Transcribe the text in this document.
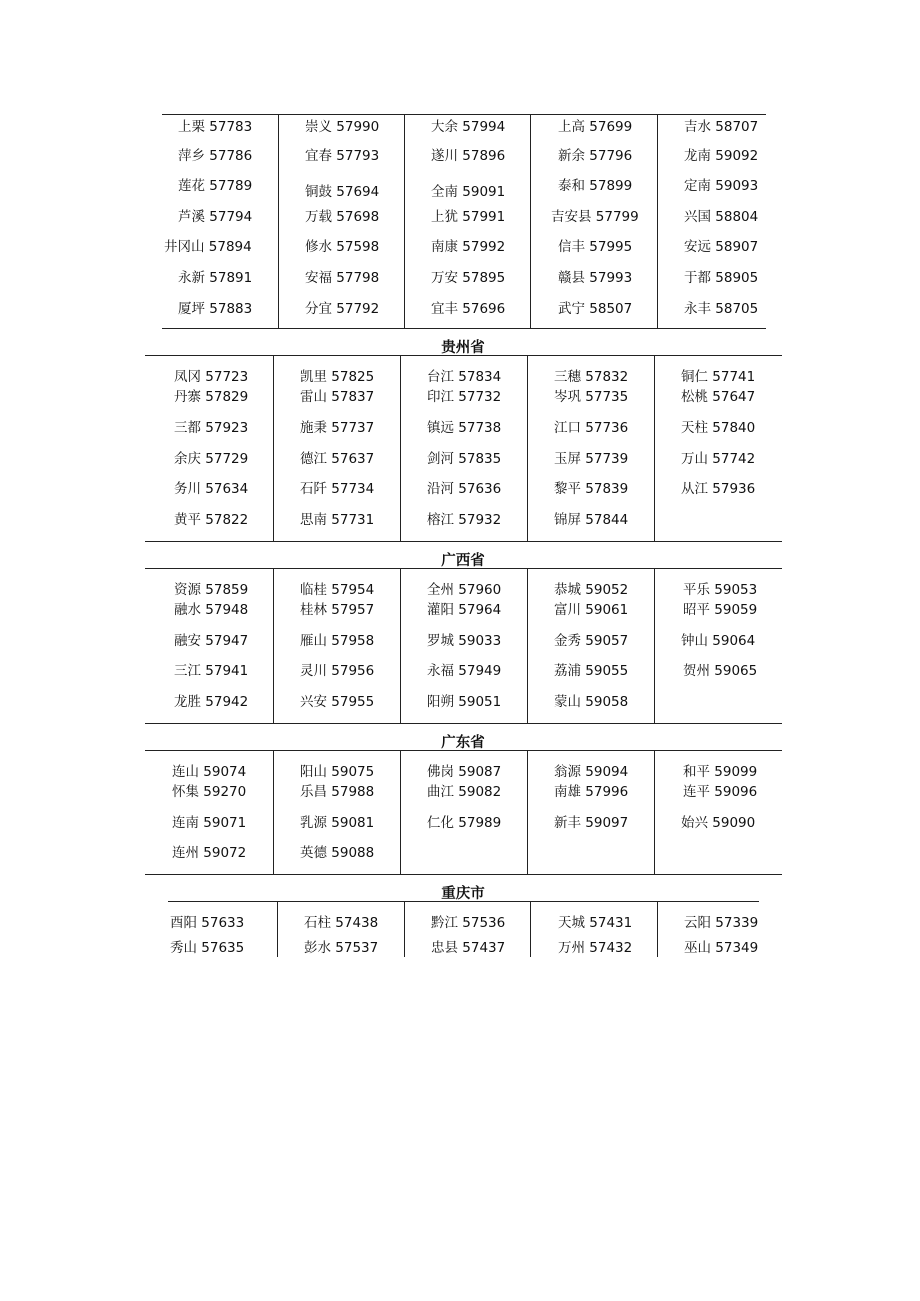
上栗 57783
萍乡 57786
莲花 57789
芦溪 57794
井冈山 57894
永新 57891
厦坪 57883
崇义 57990
宜春 57793
铜鼓 57694
万载 57698
修水 57598
安福 57798
分宜 57792
大余 57994
遂川 57896
全南 59091
上犹 57991
南康 57992
万安 57895
宜丰 57696
上高 57699
新余 57796
泰和 57899
吉安县 57799
信丰 57995
赣县 57993
武宁 58507
吉水 58707
龙南 59092
定南 59093
兴国 58804
安远 58907
于都 58905
永丰 58705
贵州省
凤冈 57723
丹寨 57829
三都 57923
余庆 57729
务川 57634
黄平 57822
凯里 57825
雷山 57837
施秉 57737
德江 57637
石阡 57734
思南 57731
台江 57834
印江 57732
镇远 57738
剑河 57835
沿河 57636
榕江 57932
三穗 57832
岑巩 57735
江口 57736
玉屏 57739
黎平 57839
锦屏 57844
铜仁 57741
松桃 57647
天柱 57840
万山 57742
从江 57936
广西省
资源 57859
融水 57948
融安 57947
三江 57941
龙胜 57942
临桂 57954
桂林 57957
雁山 57958
灵川 57956
兴安 57955
全州 57960
灌阳 57964
罗城 59033
永福 57949
阳朔 59051
恭城 59052
富川 59061
金秀 59057
荔浦 59055
蒙山 59058
平乐 59053
昭平 59059
钟山 59064
贺州 59065
广东省
连山 59074
怀集 59270
连南 59071
连州 59072
阳山 59075
乐昌 57988
乳源 59081
英德 59088
佛岗 59087
曲江 59082
仁化 57989
翁源 59094
南雄 57996
新丰 59097
和平 59099
连平 59096
始兴 59090
重庆市
酉阳 57633
秀山 57635
石柱 57438
彭水 57537
黔江 57536
忠县 57437
天城 57431
万州 57432
云阳 57339
巫山 57349
